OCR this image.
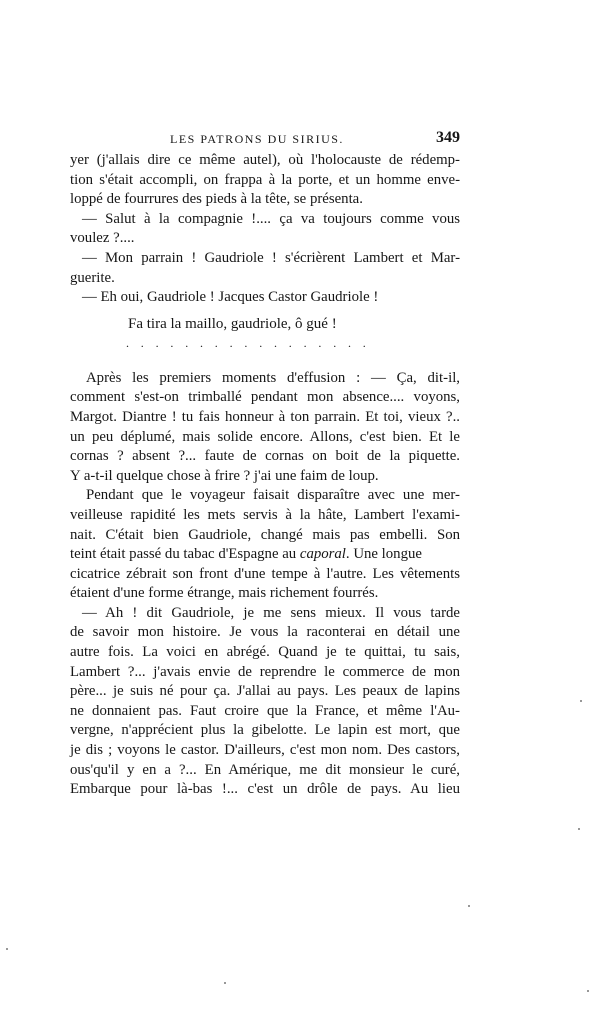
LES PATRONS DU SIRIUS.	349
yer (j'allais dire ce même autel), où l'holocauste de rédemp-
tion s'était accompli, on frappa à la porte, et un homme enve-
loppé de fourrures des pieds à la tête, se présenta.
— Salut à la compagnie !.... ça va toujours comme vous
voulez ?....
— Mon parrain ! Gaudriole ! s'écrièrent Lambert et Mar-
guerite.
— Eh oui, Gaudriole ! Jacques Castor Gaudriole !
Fa tira la maillo, gaudriole, ô gué !
. . . . . . . . . . . . . . . . .
Après les premiers moments d'effusion : — Ça, dit-il,
comment s'est-on trimballé pendant mon absence.... voyons,
Margot. Diantre ! tu fais honneur à ton parrain. Et toi, vieux ?..
un peu déplumé, mais solide encore. Allons, c'est bien. Et le
cornas ? absent ?... faute de cornas on boit de la piquette.
Y a-t-il quelque chose à frire ? j'ai une faim de loup.
Pendant que le voyageur faisait disparaître avec une mer-
veilleuse rapidité les mets servis à la hâte, Lambert l'exami-
nait. C'était bien Gaudriole, changé mais pas embelli. Son
teint était passé du tabac d'Espagne au caporal. Une longue
cicatrice zébrait son front d'une tempe à l'autre. Les vêtements
étaient d'une forme étrange, mais richement fourrés.
— Ah ! dit Gaudriole, je me sens mieux. Il vous tarde
de savoir mon histoire. Je vous la raconterai en détail une
autre fois. La voici en abrégé. Quand je te quittai, tu sais,
Lambert ?... j'avais envie de reprendre le commerce de mon
père... je suis né pour ça. J'allai au pays. Les peaux de lapins
ne donnaient pas. Faut croire que la France, et même l'Au-
vergne, n'apprécient plus la gibelotte. Le lapin est mort, que
je dis ; voyons le castor. D'ailleurs, c'est mon nom. Des castors,
ous'qu'il y en a ?... En Amérique, me dit monsieur le curé,
Embarque pour là-bas !... c'est un drôle de pays. Au lieu
